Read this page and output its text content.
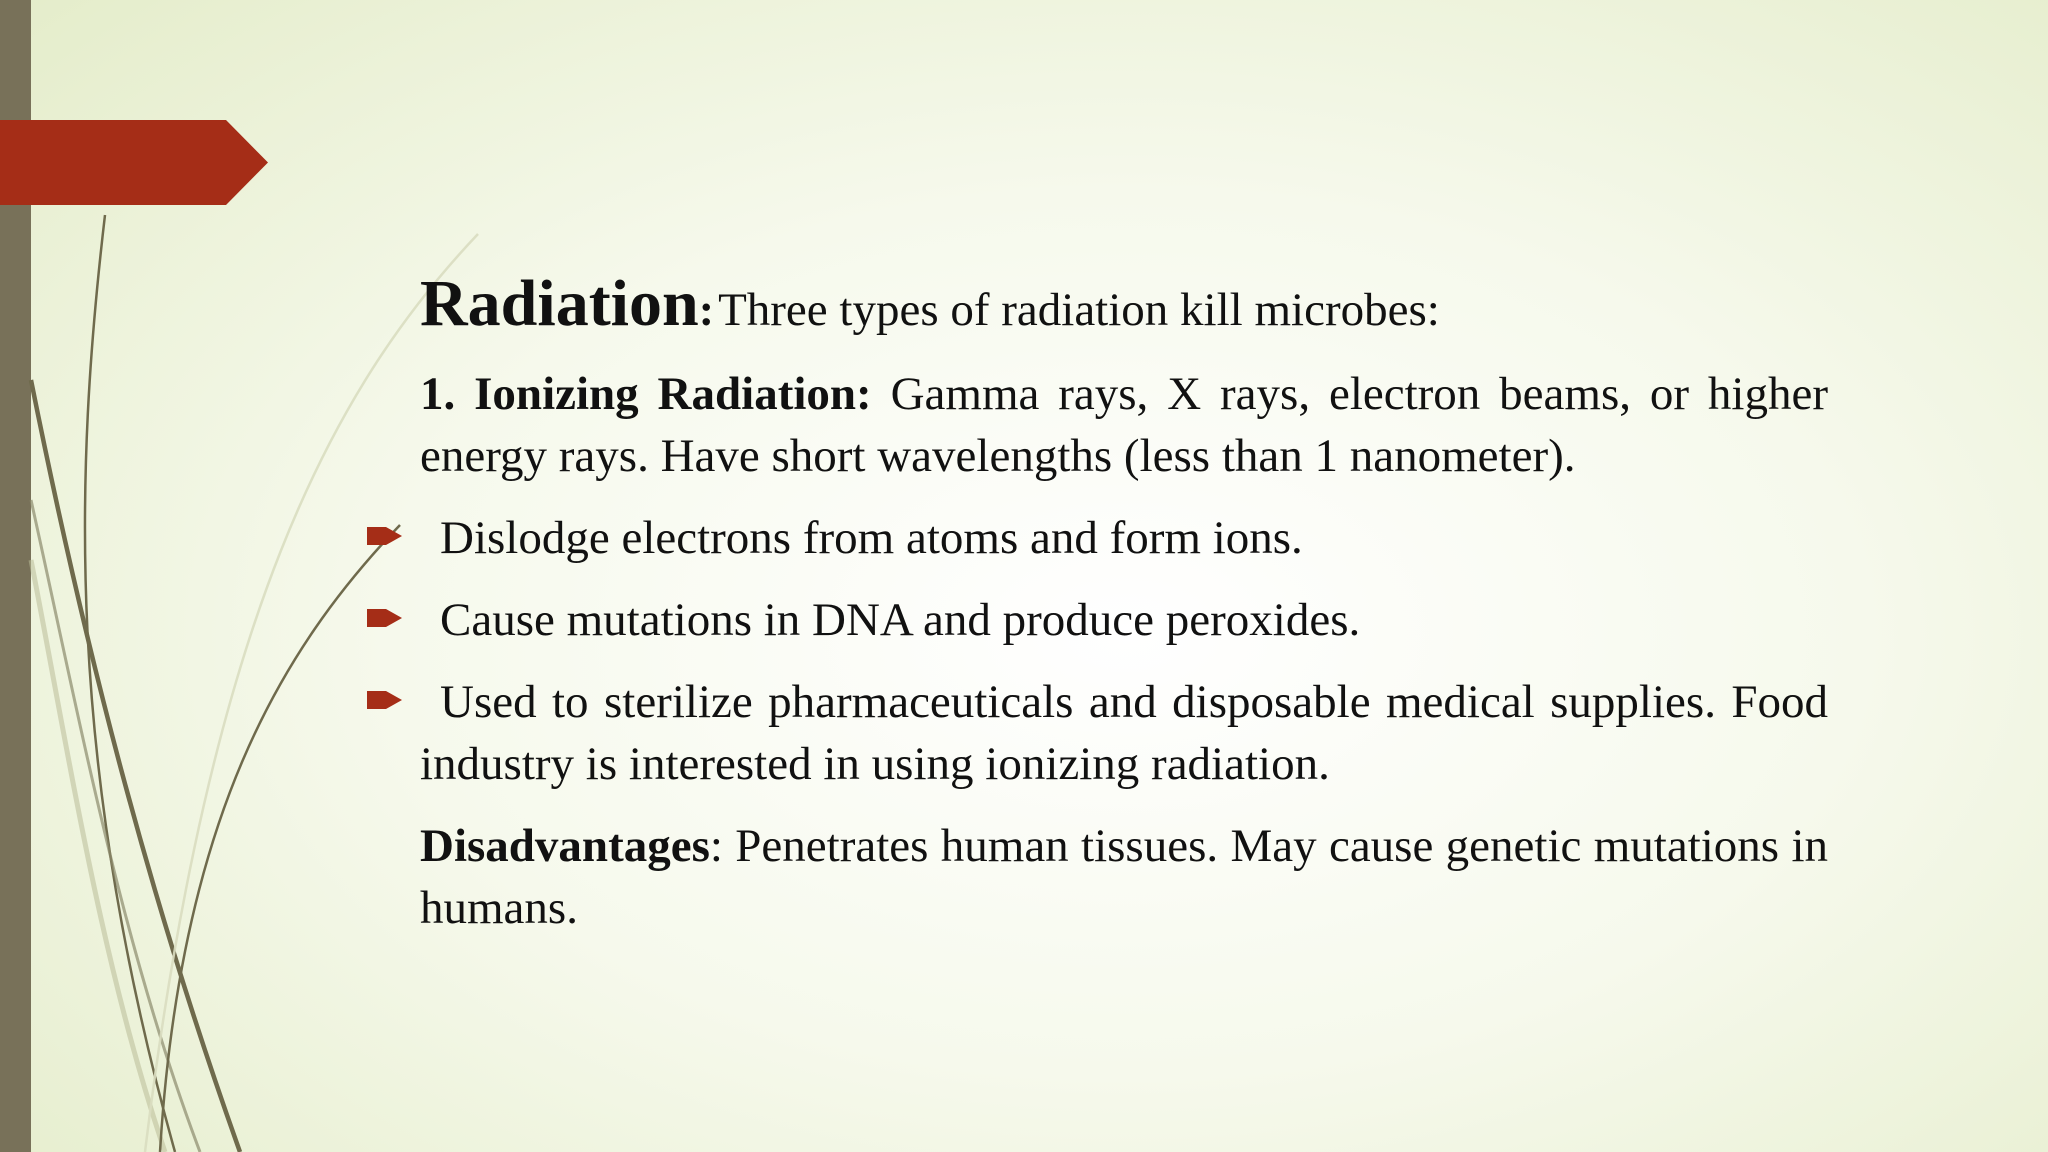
Radiation: Three types of radiation kill microbes:
1. Ionizing Radiation: Gamma rays, X rays, electron beams, or higher energy rays. Have short wavelengths (less than 1 nanometer).
Dislodge electrons from atoms and form ions.
Cause mutations in DNA and produce peroxides.
Used to sterilize pharmaceuticals and disposable medical supplies. Food industry is interested in using ionizing radiation.
Disadvantages: Penetrates human tissues. May cause genetic mutations in humans.
